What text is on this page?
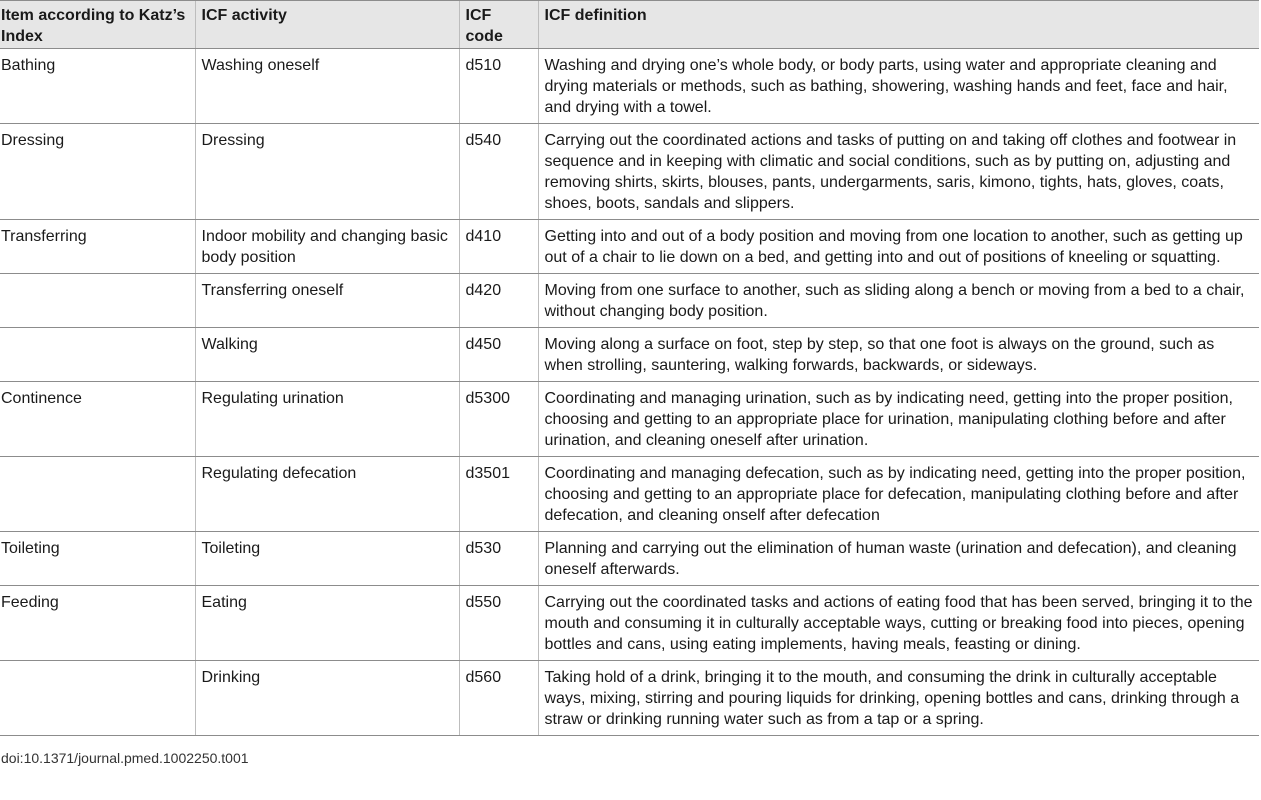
Item according to Katz’s Index	ICF activity	ICF code	ICF definition
Bathing	Washing oneself	d510	Washing and drying one’s whole body, or body parts, using water and appropriate cleaning and drying materials or methods, such as bathing, showering, washing hands and feet, face and hair, and drying with a towel.
Dressing	Dressing	d540	Carrying out the coordinated actions and tasks of putting on and taking off clothes and footwear in sequence and in keeping with climatic and social conditions, such as by putting on, adjusting and removing shirts, skirts, blouses, pants, undergarments, saris, kimono, tights, hats, gloves, coats, shoes, boots, sandals and slippers.
Transferring	Indoor mobility and changing basic body position	d410	Getting into and out of a body position and moving from one location to another, such as getting up out of a chair to lie down on a bed, and getting into and out of positions of kneeling or squatting.
	Transferring oneself	d420	Moving from one surface to another, such as sliding along a bench or moving from a bed to a chair, without changing body position.
	Walking	d450	Moving along a surface on foot, step by step, so that one foot is always on the ground, such as when strolling, sauntering, walking forwards, backwards, or sideways.
Continence	Regulating urination	d5300	Coordinating and managing urination, such as by indicating need, getting into the proper position, choosing and getting to an appropriate place for urination, manipulating clothing before and after urination, and cleaning oneself after urination.
	Regulating defecation	d3501	Coordinating and managing defecation, such as by indicating need, getting into the proper position, choosing and getting to an appropriate place for defecation, manipulating clothing before and after defecation, and cleaning onself after defecation
Toileting	Toileting	d530	Planning and carrying out the elimination of human waste (urination and defecation), and cleaning oneself afterwards.
Feeding	Eating	d550	Carrying out the coordinated tasks and actions of eating food that has been served, bringing it to the mouth and consuming it in culturally acceptable ways, cutting or breaking food into pieces, opening bottles and cans, using eating implements, having meals, feasting or dining.
	Drinking	d560	Taking hold of a drink, bringing it to the mouth, and consuming the drink in culturally acceptable ways, mixing, stirring and pouring liquids for drinking, opening bottles and cans, drinking through a straw or drinking running water such as from a tap or a spring.
doi:10.1371/journal.pmed.1002250.t001
